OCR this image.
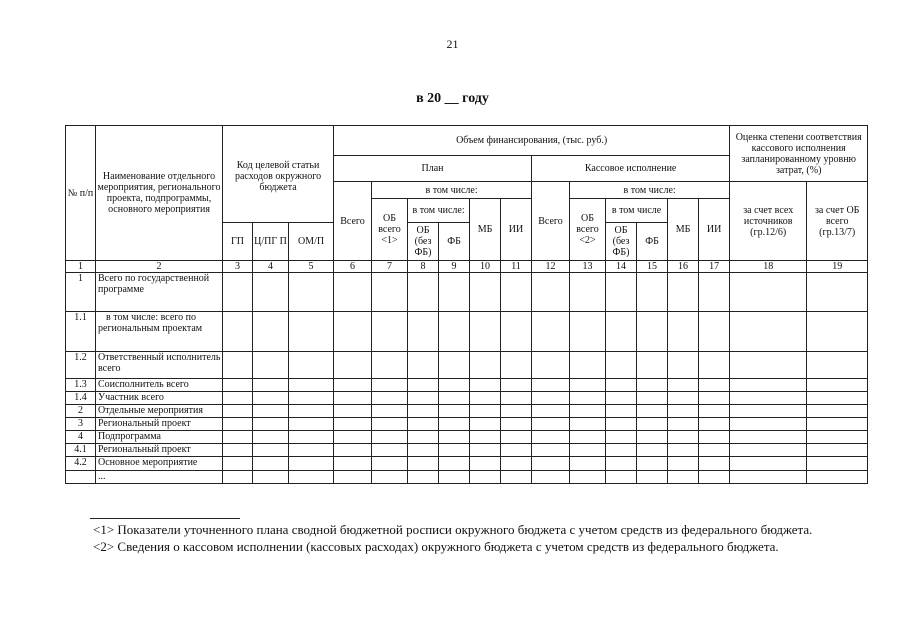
21
в 20 __ году
№ п/п	Наименование отдельного мероприятия, регионального проекта, подпрограммы, основного мероприятия	Код целевой статьи расходов окружного бюджета			Объем финансирования, (тыс. руб.)												Оценка степени соответствия кассового исполнения запланированному уровню затрат, (%)	
					План						Кассовое исполнение							
					Всего	в том числе:					Всего	в том числе:					за счет всех источников (гр.12/6)	за счет ОБ всего (гр.13/7)
						ОБ всего <1>	в том числе:		МБ	ИИ		ОБ всего <2>	в том числе		МБ	ИИ		
		ГП	Ц/ПГ П	ОМ/П			ОБ (без ФБ)	ФБ					ОБ (без ФБ)	ФБ				
1	2	3	4	5	6	7	8	9	10	11	12	13	14	15	16	17	18	19
1	Всего по государственной программе																	
1.1	в том числе: всего по региональным проектам																	
1.2	Ответственный исполнитель всего																	
1.3	Соисполнитель всего																	
1.4	Участник всего																	
2	Отдельные мероприятия																	
3	Региональный проект																	
4	Подпрограмма																	
4.1	Региональный проект																	
4.2	Основное мероприятие																	
	...																	

<1> Показатели уточненного плана сводной бюджетной росписи окружного бюджета с учетом средств из федерального бюджета.

<2> Сведения о кассовом исполнении (кассовых расходах) окружного бюджета с учетом средств из федерального бюджета.
